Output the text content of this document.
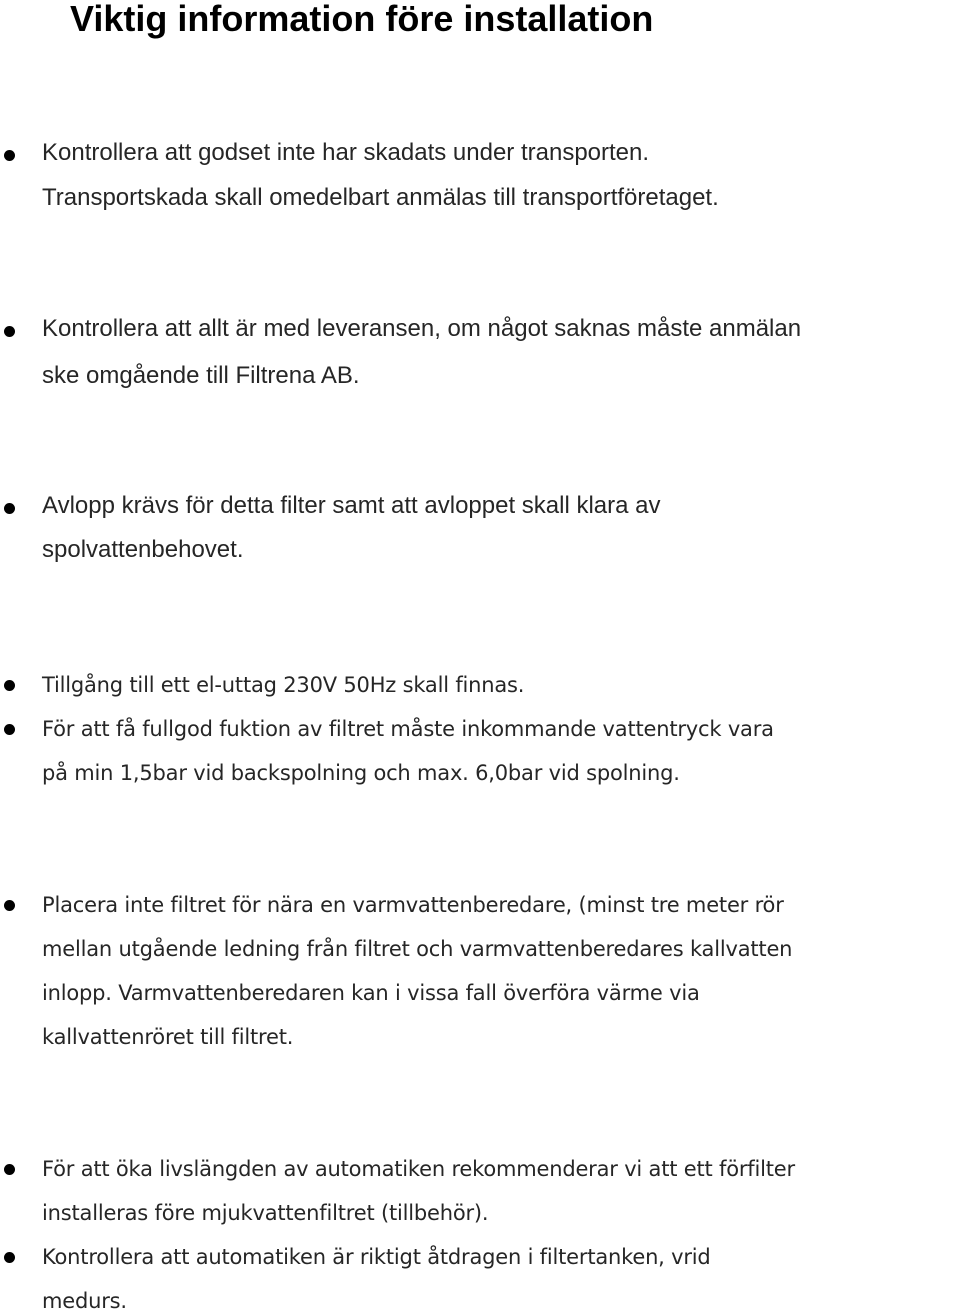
Viktig information före installation
Kontrollera att godset inte har skadats under transporten.
Transportskada skall omedelbart anmälas till transportföretaget.
Kontrollera att allt är med leveransen, om något saknas måste anmälan
ske omgående till Filtrena AB.
Avlopp krävs för detta filter samt att avloppet skall klara av
spolvattenbehovet.
Tillgång till ett el-uttag 230V 50Hz skall finnas.
För att få fullgod fuktion av filtret måste inkommande vattentryck vara
på min 1,5bar vid backspolning och max. 6,0bar vid spolning.
Placera inte filtret för nära en varmvattenberedare, (minst tre meter rör
mellan utgående ledning från filtret och varmvattenberedares kallvatten
inlopp. Varmvattenberedaren kan i vissa fall överföra värme via
kallvattenröret till filtret.
För att öka livslängden av automatiken rekommenderar vi att ett förfilter
installeras före mjukvattenfiltret (tillbehör).
Kontrollera att automatiken är riktigt åtdragen i filtertanken, vrid
medurs.
